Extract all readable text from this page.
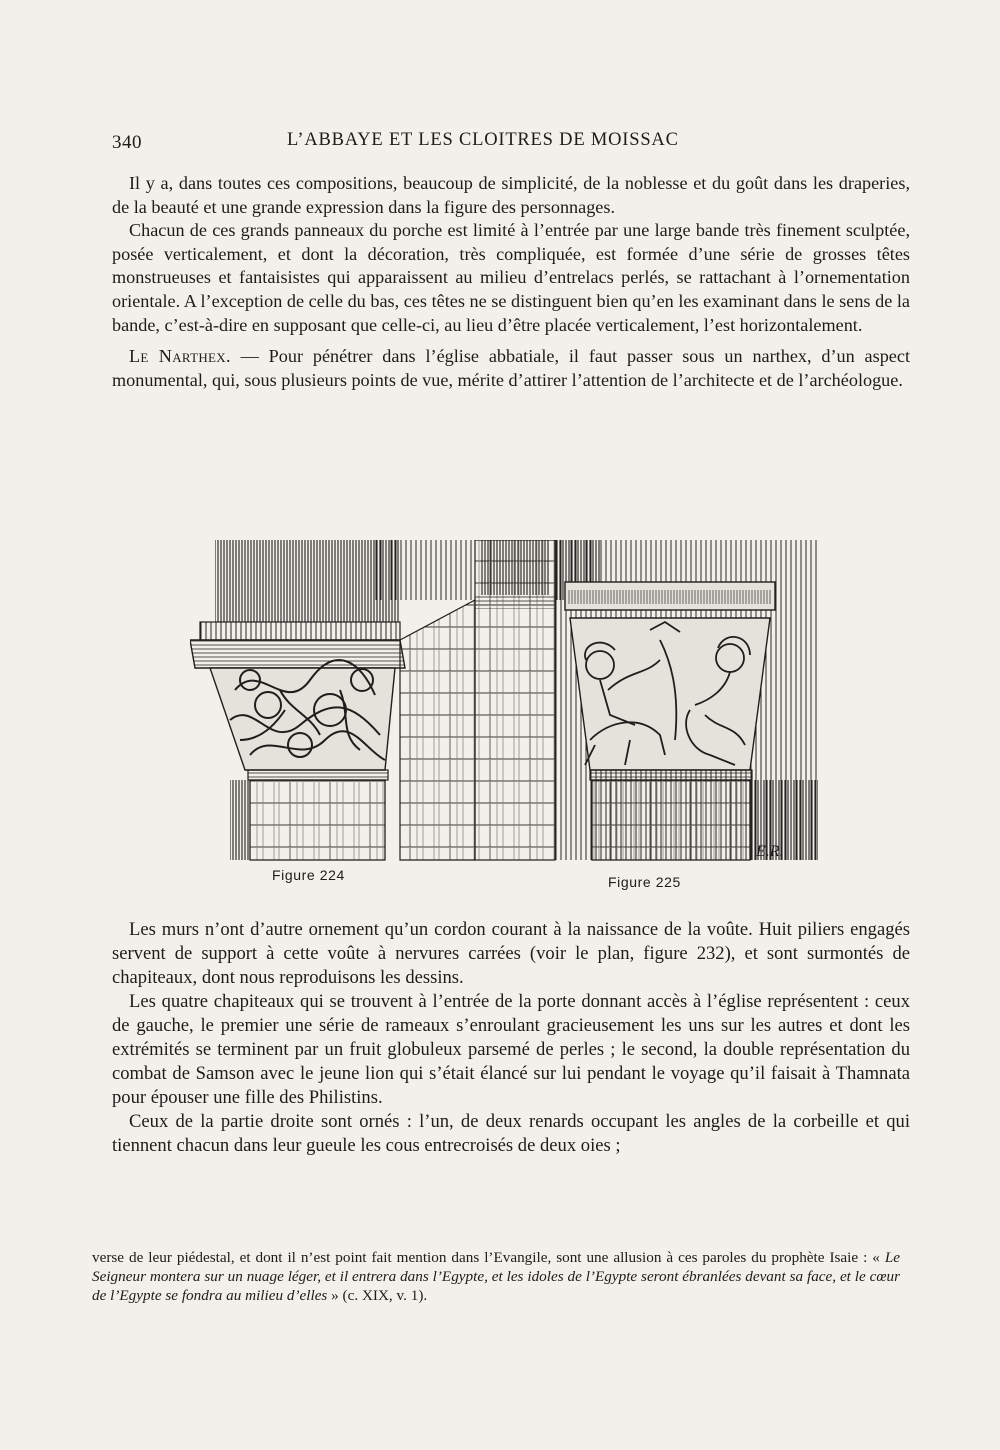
340	L’ABBAYE ET LES CLOITRES DE MOISSAC

Il y a, dans toutes ces compositions, beaucoup de simplicité, de la noblesse et du goût dans les draperies, de la beauté et une grande expression dans la figure des personnages.

Chacun de ces grands panneaux du porche est limité à l’entrée par une large bande très finement sculptée, posée verticalement, et dont la décoration, très compliquée, est formée d’une série de grosses têtes monstrueuses et fantaisistes qui apparaissent au milieu d’entrelacs perlés, se rattachant à l’ornementation orientale. A l’exception de celle du bas, ces têtes ne se distinguent bien qu’en les examinant dans le sens de la bande, c’est-à-dire en supposant que celle-ci, au lieu d’être placée verticalement, l’est horizontalement.

Le Narthex. — Pour pénétrer dans l’église abbatiale, il faut passer sous un narthex, d’un aspect monumental, qui, sous plusieurs points de vue, mérite d’attirer l’attention de l’architecte et de l’archéologue.

E.R.
Figure 224	Figure 225

Les murs n’ont d’autre ornement qu’un cordon courant à la naissance de la voûte. Huit piliers engagés servent de support à cette voûte à nervures carrées (voir le plan, figure 232), et sont surmontés de chapiteaux, dont nous reproduisons les dessins.

Les quatre chapiteaux qui se trouvent à l’entrée de la porte donnant accès à l’église représentent : ceux de gauche, le premier une série de rameaux s’enroulant gracieusement les uns sur les autres et dont les extrémités se terminent par un fruit globuleux parsemé de perles ; le second, la double représentation du combat de Samson avec le jeune lion qui s’était élancé sur lui pendant le voyage qu’il faisait à Thamnata pour épouser une fille des Philistins.

Ceux de la partie droite sont ornés : l’un, de deux renards occupant les angles de la corbeille et qui tiennent chacun dans leur gueule les cous entrecroisés de deux oies ;

verse de leur piédestal, et dont il n’est point fait mention dans l’Evangile, sont une allusion à ces paroles du prophète Isaie : « Le Seigneur montera sur un nuage léger, et il entrera dans l’Egypte, et les idoles de l’Egypte seront ébranlées devant sa face, et le cœur de l’Egypte se fondra au milieu d’elles » (c. XIX, v. 1).
